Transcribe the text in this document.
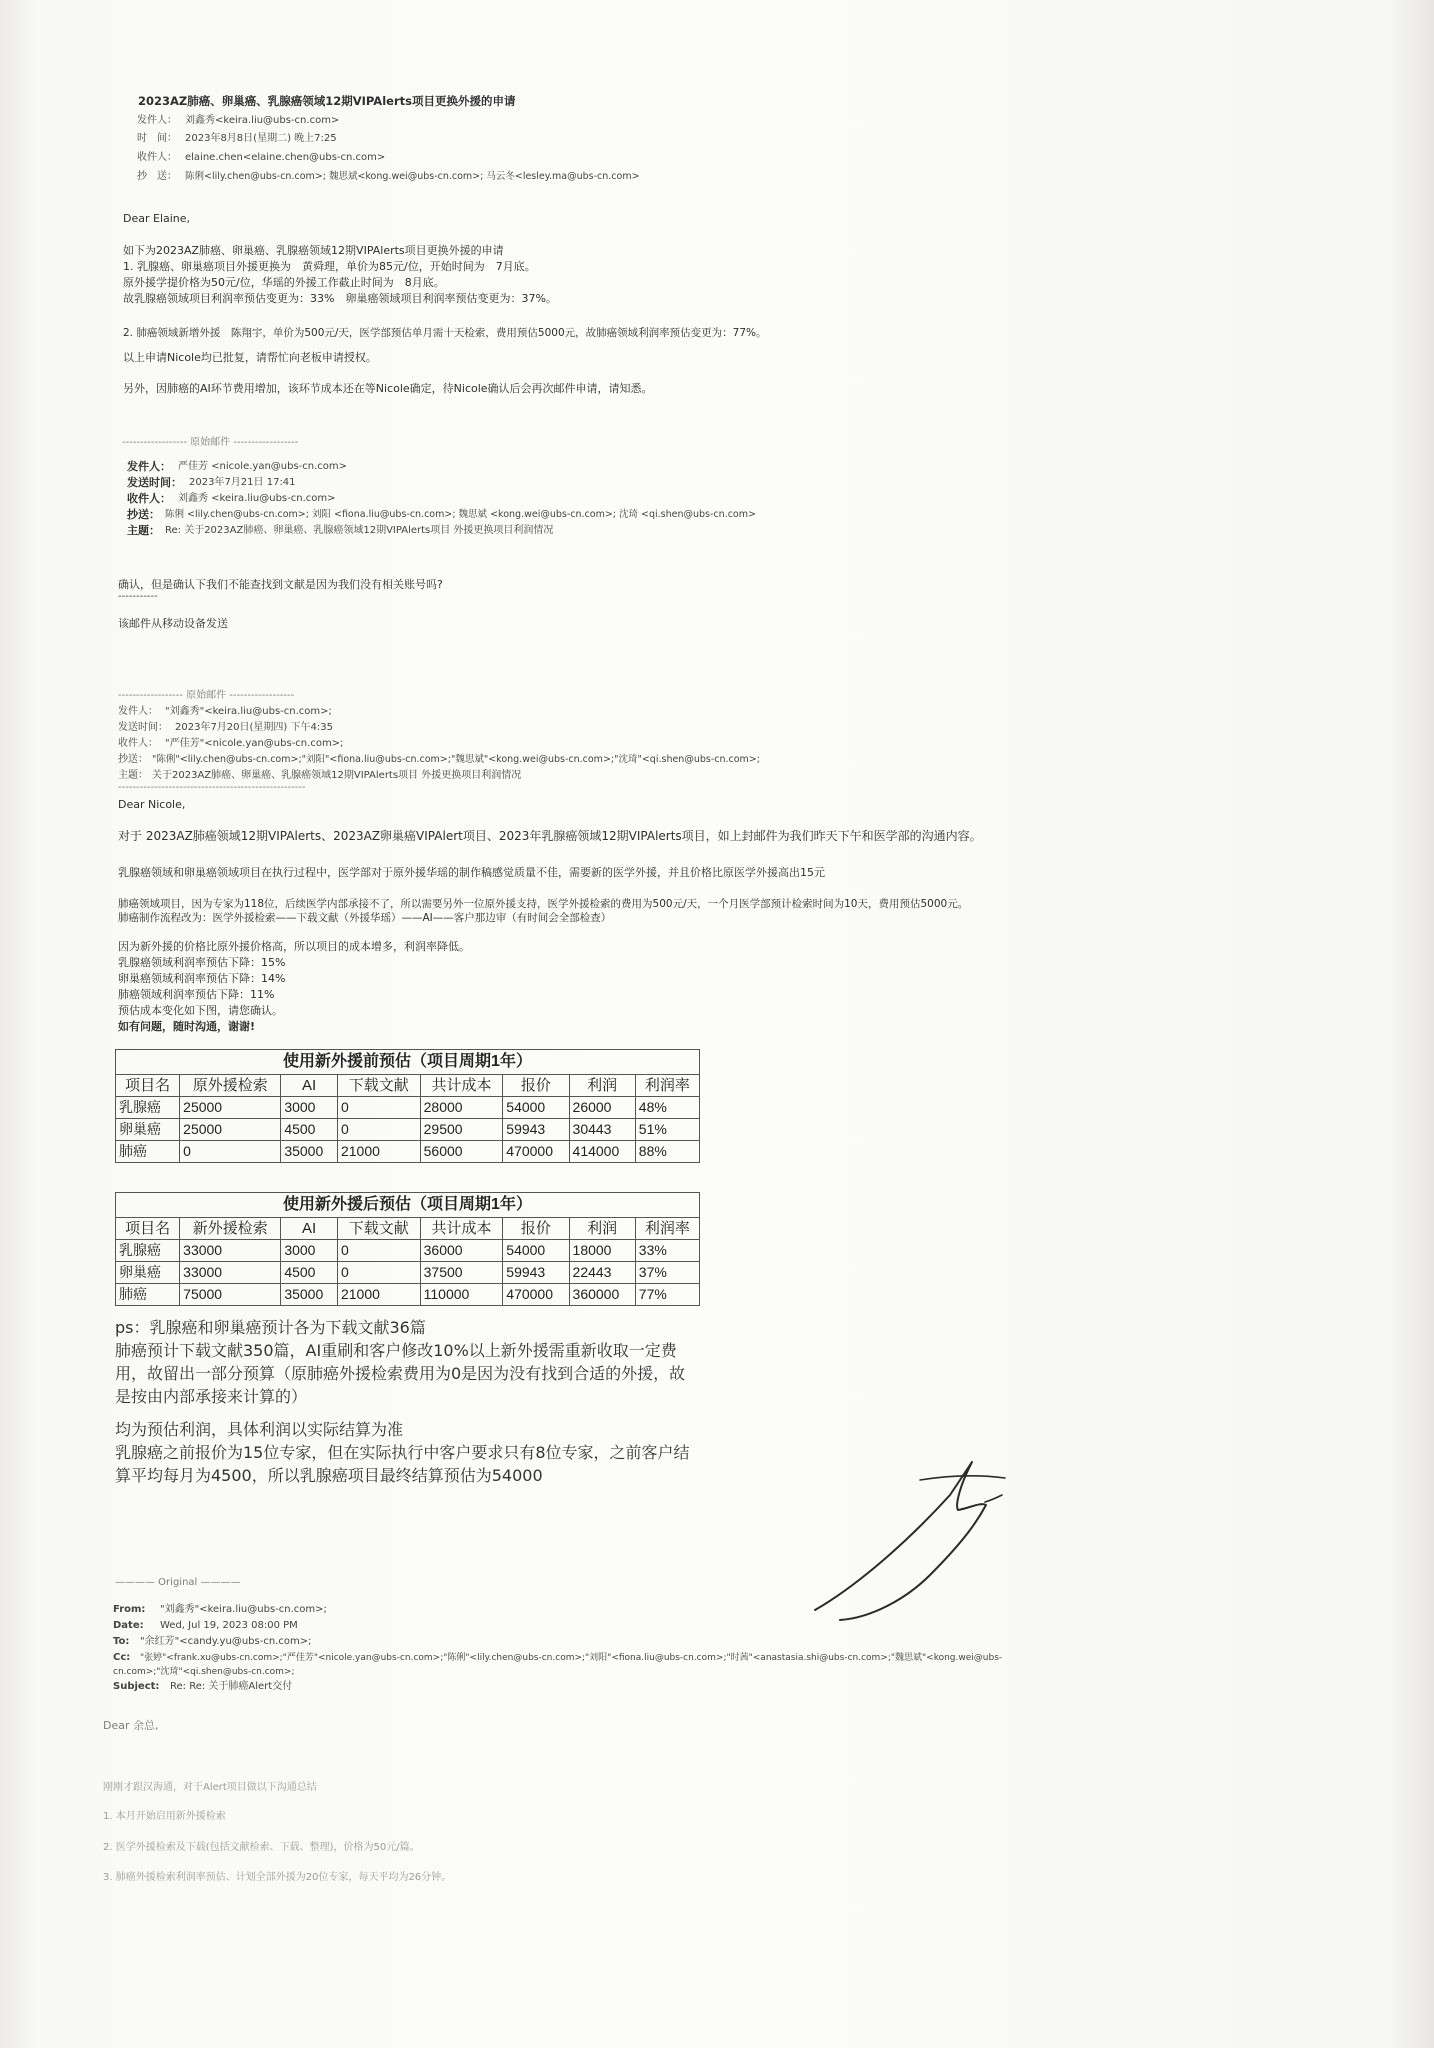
2023AZ肺癌、卵巢癌、乳腺癌领域12期VIPAlerts项目更换外援的申请
发件人： 刘鑫秀<keira.liu@ubs-cn.com>
时　间： 2023年8月8日(星期二) 晚上7:25
收件人： elaine.chen<elaine.chen@ubs-cn.com>
抄　送： 陈俐<lily.chen@ubs-cn.com>; 魏思斌<kong.wei@ubs-cn.com>; 马云冬<lesley.ma@ubs-cn.com>
Dear Elaine,
如下为2023AZ肺癌、卵巢癌、乳腺癌领域12期VIPAlerts项目更换外援的申请
1. 乳腺癌、卵巢癌项目外援更换为　黄舜理，单价为85元/位，开始时间为　7月底。
原外援学提价格为50元/位，华瑶的外援工作截止时间为　8月底。
故乳腺癌领域项目利润率预估变更为：33%　卵巢癌领域项目利润率预估变更为：37%。
2. 肺癌领域新增外援　陈翔宇，单价为500元/天，医学部预估单月需十天检索，费用预估5000元，故肺癌领域利润率预估变更为：77%。
以上申请Nicole均已批复，请帮忙向老板申请授权。
另外，因肺癌的AI环节费用增加，该环节成本还在等Nicole确定，待Nicole确认后会再次邮件申请，请知悉。
------------------ 原始邮件 ------------------
发件人： 严佳芳 <nicole.yan@ubs-cn.com>
发送时间： 2023年7月21日 17:41
收件人： 刘鑫秀 <keira.liu@ubs-cn.com>
抄送： 陈俐 <lily.chen@ubs-cn.com>; 刘阳 <fiona.liu@ubs-cn.com>; 魏思斌 <kong.wei@ubs-cn.com>; 沈琦 <qi.shen@ubs-cn.com>
主题： Re: 关于2023AZ肺癌、卵巢癌、乳腺癌领域12期VIPAlerts项目 外援更换项目利润情况
确认，但是确认下我们不能查找到文献是因为我们没有相关账号吗?
-----------
该邮件从移动设备发送
------------------ 原始邮件 ------------------
发件人： "刘鑫秀"<keira.liu@ubs-cn.com>;
发送时间： 2023年7月20日(星期四) 下午4:35
收件人： "严佳芳"<nicole.yan@ubs-cn.com>;
抄送： "陈俐"<lily.chen@ubs-cn.com>;"刘阳"<fiona.liu@ubs-cn.com>;"魏思斌"<kong.wei@ubs-cn.com>;"沈琦"<qi.shen@ubs-cn.com>;
主题： 关于2023AZ肺癌、卵巢癌、乳腺癌领域12期VIPAlerts项目 外援更换项目利润情况
----------------------------------------------------
Dear Nicole,
对于 2023AZ肺癌领域12期VIPAlerts、2023AZ卵巢癌VIPAlert项目、2023年乳腺癌领域12期VIPAlerts项目，如上封邮件为我们昨天下午和医学部的沟通内容。
乳腺癌领域和卵巢癌领域项目在执行过程中，医学部对于原外援华瑶的制作稿感觉质量不佳，需要新的医学外援，并且价格比原医学外援高出15元
肺癌领域项目，因为专家为118位，后续医学内部承接不了，所以需要另外一位原外援支持，医学外援检索的费用为500元/天，一个月医学部预计检索时间为10天，费用预估5000元。
肺癌制作流程改为：医学外援检索——下载文献（外援华瑶）——AI——客户那边审（有时间会全部检查）
因为新外援的价格比原外援价格高，所以项目的成本增多，利润率降低。
乳腺癌领域利润率预估下降：15%
卵巢癌领域利润率预估下降：14%
肺癌领域利润率预估下降：11%
预估成本变化如下图，请您确认。
如有问题，随时沟通，谢谢!
使用新外援前预估（项目周期1年）							
项目名	原外援检索	AI	下载文献	共计成本	报价	利润	利润率
乳腺癌	25000	3000	0	28000	54000	26000	48%
卵巢癌	25000	4500	0	29500	59943	30443	51%
肺癌	0	35000	21000	56000	470000	414000	88%
使用新外援后预估（项目周期1年）							
项目名	新外援检索	AI	下载文献	共计成本	报价	利润	利润率
乳腺癌	33000	3000	0	36000	54000	18000	33%
卵巢癌	33000	4500	0	37500	59943	22443	37%
肺癌	75000	35000	21000	110000	470000	360000	77%
ps：乳腺癌和卵巢癌预计各为下载文献36篇
肺癌预计下载文献350篇，AI重刷和客户修改10%以上新外援需重新收取一定费
用，故留出一部分预算（原肺癌外援检索费用为0是因为没有找到合适的外援，故
是按由内部承接来计算的）
均为预估利润，具体利润以实际结算为准
乳腺癌之前报价为15位专家，但在实际执行中客户要求只有8位专家，之前客户结
算平均每月为4500，所以乳腺癌项目最终结算预估为54000
———— Original ————
From: "刘鑫秀"<keira.liu@ubs-cn.com>;
Date: Wed, Jul 19, 2023 08:00 PM
To: "余红芳"<candy.yu@ubs-cn.com>;
Cc: "张婷"<frank.xu@ubs-cn.com>;"严佳芳"<nicole.yan@ubs-cn.com>;"陈俐"<lily.chen@ubs-cn.com>;"刘阳"<fiona.liu@ubs-cn.com>;"时茜"<anastasia.shi@ubs-cn.com>;"魏思斌"<kong.wei@ubs-
cn.com>;"沈琦"<qi.shen@ubs-cn.com>;
Subject: Re: Re: 关于肺癌Alert交付
Dear 余总,
刚刚才跟汉海通，对于Alert项目做以下沟通总结
1. 本月开始启用新外援检索
2. 医学外援检索及下载(包括文献检索、下载、整理)，价格为50元/篇。
3. 肺癌外援检索利润率预估、计划全部外援为20位专家，每天平均为26分钟。
